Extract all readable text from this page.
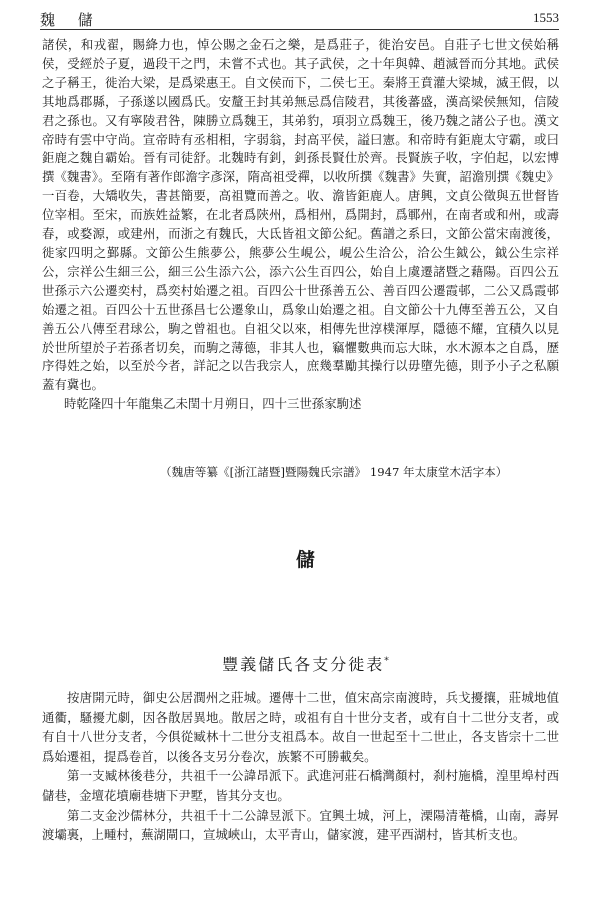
魏 儲	1553

諸侯，和戎翟，賜絳力也，悼公賜之金石之樂，是爲莊子，徙治安邑。自莊子七世文侯始稱侯，受經於子夏，過段干之門，未嘗不式也。其子武侯，之十年與韓、趙滅晉而分其地。武侯之子稱王，徙治大梁，是爲梁惠王。自文侯而下，二侯七王。秦將王賁灌大梁城，滅王假，以其地爲郡縣，子孫遂以國爲氏。安釐王封其弟無忌爲信陵君，其後蕃盛，漢高梁侯無知，信陵君之孫也。又有寧陵君咎，陳勝立爲魏王，其弟豹，項羽立爲魏王，後乃魏之諸公子也。漢文帝時有雲中守尚。宣帝時有丞相相，字弱翁，封高平侯，謚曰憲。和帝時有鉅鹿太守霸，或曰鉅鹿之魏自霸始。晉有司徒舒。北魏時有釗，釗孫長賢仕於齊。長賢族子收，字伯起，以宏博撰《魏書》。至隋有著作郎澹字彥深，隋高祖受禪，以收所撰《魏書》失實，詔澹別撰《魏史》一百卷，大矯收失，書甚簡要，高祖覽而善之。收、澹皆鉅鹿人。唐興，文貞公徵與五世督皆位宰相。至宋，而族姓益繁，在北者爲陝州，爲相州，爲開封，爲鄆州，在南者或和州，或壽春，或婺源，或建州，而浙之有魏氏，大氐皆祖文節公紀。舊譜之系曰，文節公當宋南渡後，徙家四明之鄞縣。文節公生熊夢公，熊夢公生峴公，峴公生洽公，洽公生鉞公，鉞公生宗祥公，宗祥公生細三公，細三公生添六公，添六公生百四公，始自上虞遷諸暨之藉陽。百四公五世孫示六公遷奕村，爲奕村始遷之祖。百四公十世孫善五公、善百四公遷霞邨，二公又爲霞邨始遷之祖。百四公十五世孫昌七公遷象山，爲象山始遷之祖。自文節公十九傳至善五公，又自善五公八傳至君球公，駒之曾祖也。自祖父以來，相傳先世淳樸渾厚，隱德不耀，宜積久以見於世所望於子若孫者切矣，而駒之薄德，非其人也，竊懼數典而忘大昧，水木源本之自爲，歷序得姓之始，以至於今者，詳記之以告我宗人，庶幾羣勵其操行以毋墮先德，則予小子之私願蓋有冀也。

時乾隆四十年龍集乙未閏十月朔日，四十三世孫家駒述

（魏唐等纂《[浙江諸暨]暨陽魏氏宗譜》 1947 年太康堂木活字本）
儲
豐義儲氏各支分徙表*

按唐開元時，御史公居潤州之莊城。遷傳十二世，值宋高宗南渡時，兵戈擾攘，莊城地值通衢，騷擾尤劇，因各散居異地。散居之時，或祖有自十世分支者，或有自十二世分支者，或有自十八世分支者，今俱從臧林十二世分支祖爲本。故自一世起至十二世止，各支皆宗十二世爲始遷祖，提爲卷首，以後各支另分卷次，族繁不可勝載矣。

第一支臧林後巷分，共祖千一公諱昂派下。武進河莊石橋灣顏村，刹村施橋，湟里埠村西儲巷，金壇花墳廟巷塘下尹墅，皆其分支也。

第二支金沙儒林分，共祖千十二公諱昱派下。宜興土城，河上，溧陽清菴橋，山南，壽昇渡壩裏，上畽村，蕪湖閘口，宣城峽山，太平青山，儲家渡，建平西湖村，皆其析支也。
